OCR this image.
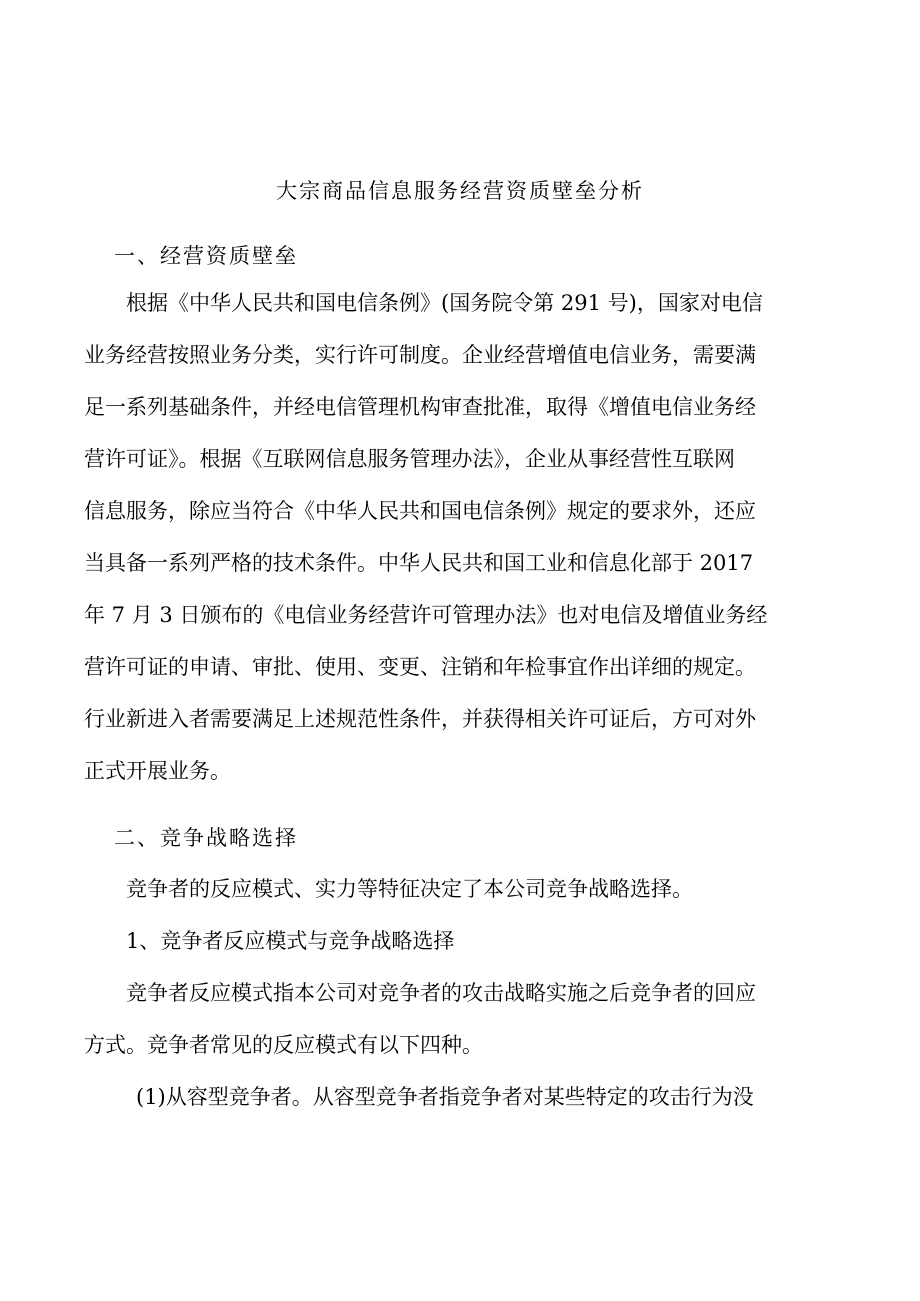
大宗商品信息服务经营资质壁垒分析
一、经营资质壁垒
根据《中华人民共和国电信条例》(国务院令第 291 号)，国家对电信
业务经营按照业务分类，实行许可制度。企业经营增值电信业务，需要满
足一系列基础条件，并经电信管理机构审查批准，取得《增值电信业务经
营许可证》。根据《互联网信息服务管理办法》，企业从事经营性互联网
信息服务，除应当符合《中华人民共和国电信条例》规定的要求外，还应
当具备一系列严格的技术条件。中华人民共和国工业和信息化部于 2017
年 7 月 3 日颁布的《电信业务经营许可管理办法》也对电信及增值业务经
营许可证的申请、审批、使用、变更、注销和年检事宜作出详细的规定。
行业新进入者需要满足上述规范性条件，并获得相关许可证后，方可对外
正式开展业务。
二、竞争战略选择
竞争者的反应模式、实力等特征决定了本公司竞争战略选择。
1、竞争者反应模式与竞争战略选择
竞争者反应模式指本公司对竞争者的攻击战略实施之后竞争者的回应
方式。竞争者常见的反应模式有以下四种。
(1)从容型竞争者。从容型竞争者指竞争者对某些特定的攻击行为没
